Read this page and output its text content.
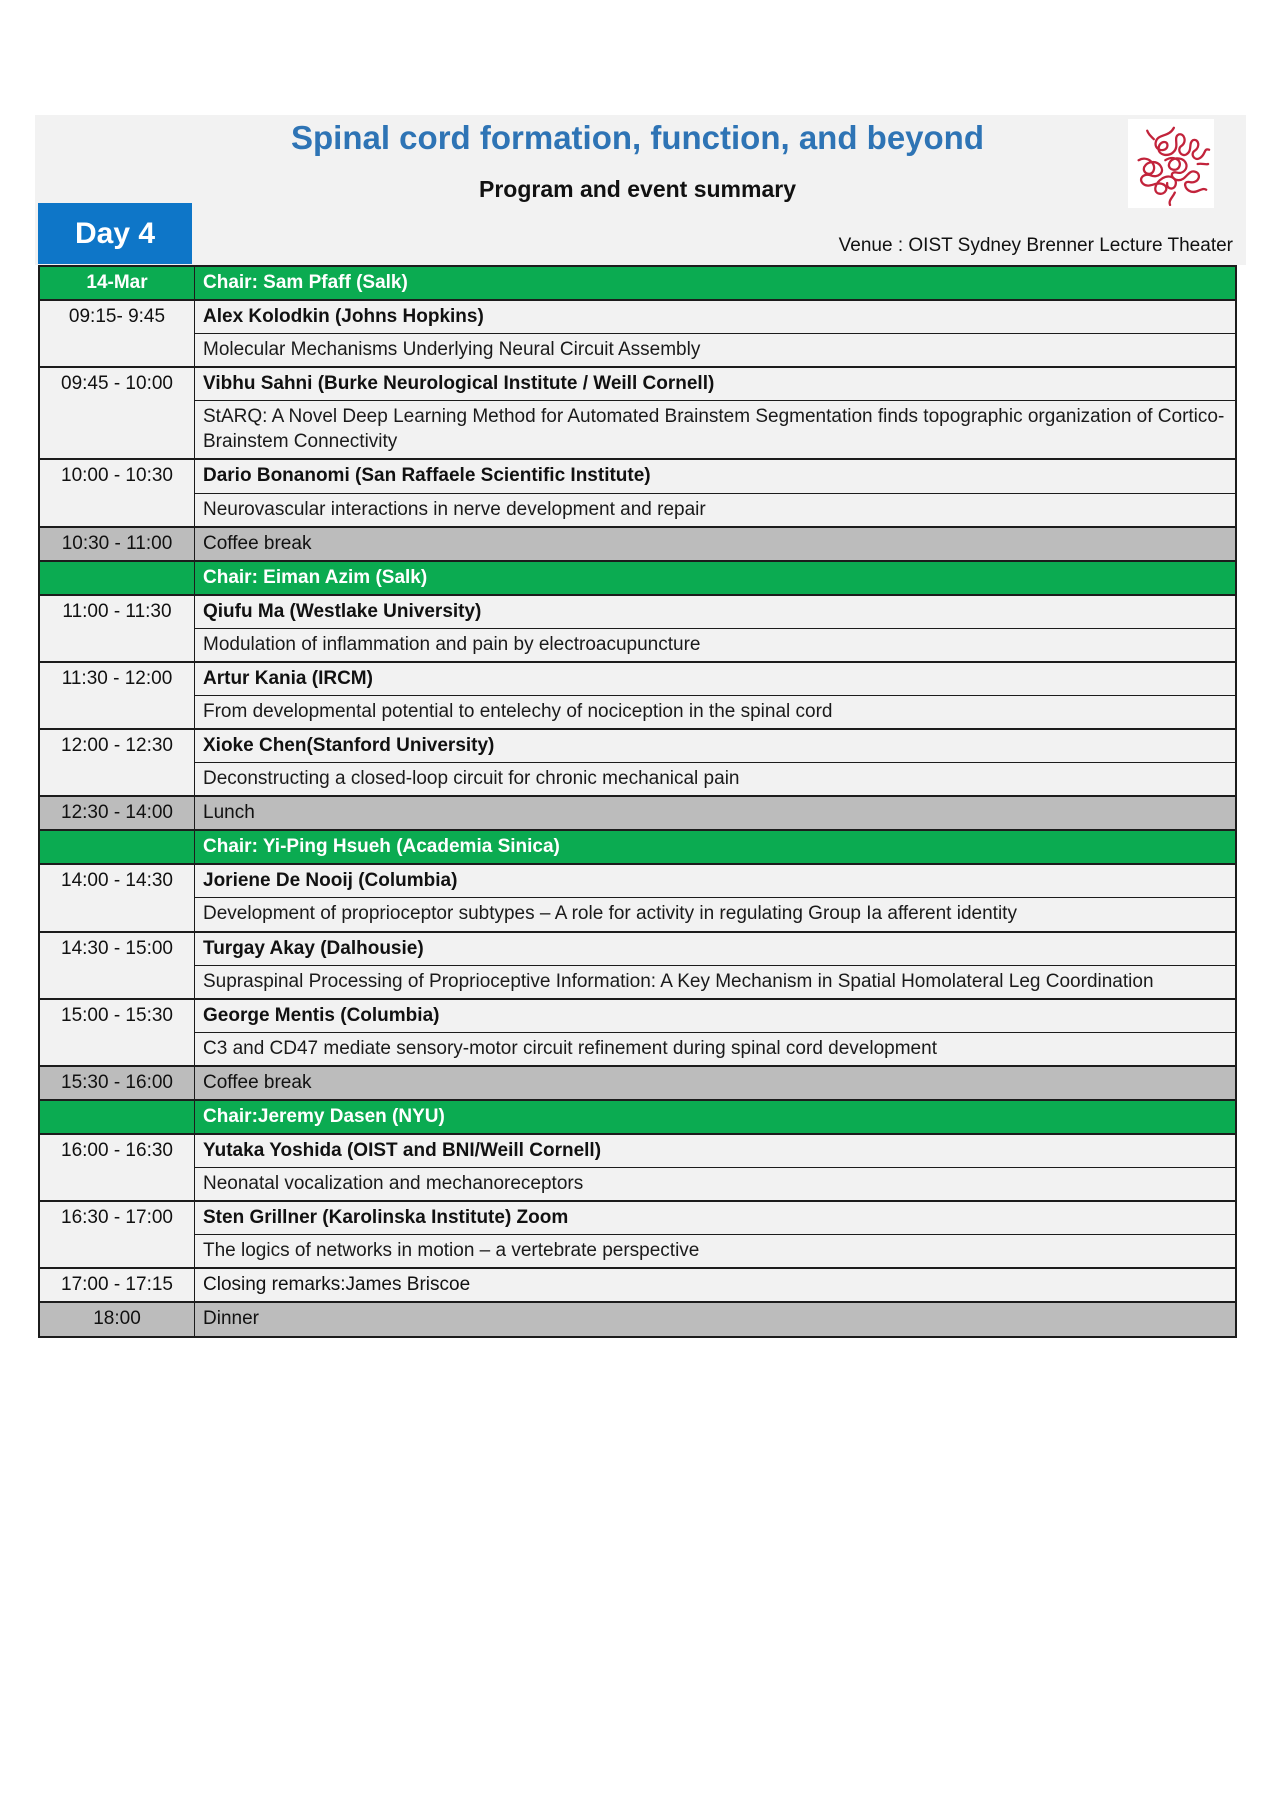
Spinal cord formation, function, and beyond
Program and event summary
Day 4	Venue : OIST Sydney Brenner Lecture Theater
14-Mar	Chair: Sam Pfaff (Salk)
09:15- 9:45	Alex Kolodkin (Johns Hopkins)
	Molecular Mechanisms Underlying Neural Circuit Assembly
09:45 - 10:00	Vibhu Sahni (Burke Neurological Institute / Weill Cornell)
	StARQ: A Novel Deep Learning Method for Automated Brainstem Segmentation finds topographic organization of Cortico-Brainstem Connectivity
10:00 - 10:30	Dario Bonanomi (San Raffaele Scientific Institute)
	Neurovascular interactions in nerve development and repair
10:30 - 11:00	Coffee break
	Chair: Eiman Azim (Salk)
11:00 - 11:30	Qiufu Ma (Westlake University)
	Modulation of inflammation and pain by electroacupuncture
11:30 - 12:00	Artur Kania (IRCM)
	From developmental potential to entelechy of nociception in the spinal cord
12:00 - 12:30	Xioke Chen(Stanford University)
	Deconstructing a closed-loop circuit for chronic mechanical pain
12:30 - 14:00	Lunch
	Chair: Yi-Ping Hsueh (Academia Sinica)
14:00 - 14:30	Joriene De Nooij (Columbia)
	Development of proprioceptor subtypes – A role for activity in regulating Group Ia afferent identity
14:30 - 15:00	Turgay Akay (Dalhousie)
	Supraspinal Processing of Proprioceptive Information: A Key Mechanism in Spatial Homolateral Leg Coordination
15:00 - 15:30	George Mentis (Columbia)
	C3 and CD47 mediate sensory-motor circuit refinement during spinal cord development
15:30 - 16:00	Coffee break
	Chair:Jeremy Dasen (NYU)
16:00 - 16:30	Yutaka Yoshida (OIST and BNI/Weill Cornell)
	Neonatal vocalization and mechanoreceptors
16:30 - 17:00	Sten Grillner (Karolinska Institute) Zoom
	The logics of networks in motion – a vertebrate perspective
17:00 - 17:15	Closing remarks:James Briscoe
18:00	Dinner
